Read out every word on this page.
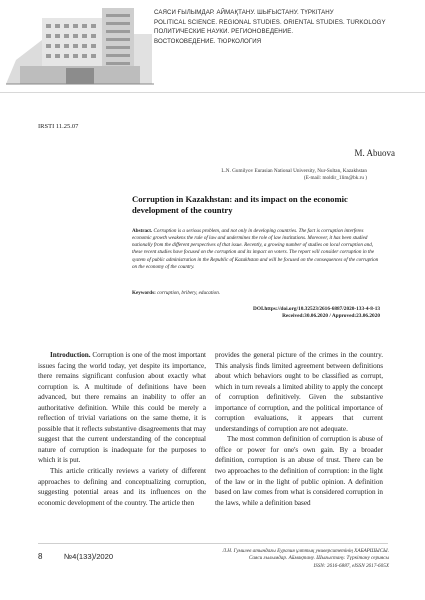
САЯСИ ҒЫЛЫМДАР. АЙМАҚТАНУ. ШЫҒЫСТАНУ. ТҮРКІТАНУ
POLITICAL SCIENCE. REGIONAL STUDIES. ORIENTAL STUDIES. TURKOLOGY
ПОЛИТИЧЕСКИЕ НАУКИ. РЕГИОНОВЕДЕНИЕ.
ВОСТОКОВЕДЕНИЕ. ТЮРКОЛОГИЯ
IRSTI 11.25.07
M. Abuova
L.N. Gumilyov Eurasian National University, Nur-Sultan, Kazakhstan
(E-mail: moldir_1lim@bk.ru )
Corruption in Kazakhstan: and its impact on the economic development of the country
Abstract. Corruption is a serious problem, and not only in developing countries. The fact is corruption interferes economic growth weakens the rule of law and undermines the role of law institutions. Moreover, it has been studied nationally from the different perspectives of that issue. Recently, a growing number of studies on local corruption and, these recent studies have focused on the corruption and its impact on voters. The report will consider corruption in the system of public administration in the Republic of Kazakhstan and will be focused on the consequences of the corruption on the economy of the country.
Keywords: corruption, bribery, education.
DOI.https://doi.org/10.32523/2616-6887/2020-133-4-8-13
Received:30.06.2020 / Approved:23.06.2020

Introduction. Corruption is one of the most important issues facing the world today, yet despite its importance, there remains significant confusion about exactly what corruption is. A multitude of definitions have been advanced, but there remains an inability to offer an authoritative definition. While this could be merely a reflection of trivial variations on the same theme, it is possible that it reflects substantive disagreements that may suggest that the current understanding of the conceptual nature of corruption is inadequate for the purposes to which it is put.

This article critically reviews a variety of different approaches to defining and conceptualizing corruption, suggesting potential areas and its influences on the economic development of the country. The article then

provides the general picture of the crimes in the country. This analysis finds limited agreement between definitions about which behaviors ought to be classified as corrupt, which in turn reveals a limited ability to apply the concept of corruption definitively. Given the substantive importance of corruption, and the political importance of corruption evaluations, it appears that current understandings of corruption are not adequate.

The most common definition of corruption is abuse of office or power for one's own gain. By a broader definition, corruption is an abuse of trust. There can be two approaches to the definition of corruption: in the light of the law or in the light of public opinion. A definition based on law comes from what is considered corruption in the laws, while a definition based

8	№4(133)/2020
Л.Н. Гумилев атындағы Еуразия ұлттық университетінің ХАБАРШЫСЫ.
Саяси ғылымдар. Аймақтану. Шығыстану. Түркітану сериясы
ISSN: 2616-6887, eISSN 2617-605X
